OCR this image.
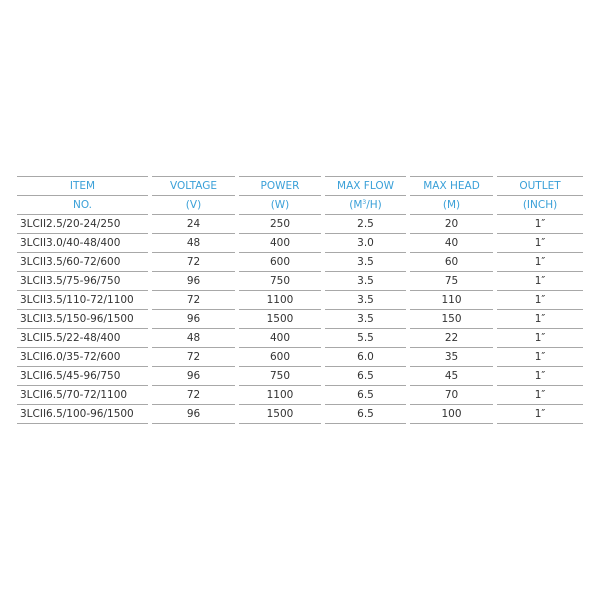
ITEM	VOLTAGE	POWER	MAX FLOW	MAX HEAD	OUTLET
NO.	(V)	(W)	$(M^3/H)$	(M)	(INCH)
3LCII2.5/20-24/250	24	250	2.5	20	1″
3LCII3.0/40-48/400	48	400	3.0	40	1″
3LCII3.5/60-72/600	72	600	3.5	60	1″
3LCII3.5/75-96/750	96	750	3.5	75	1″
3LCII3.5/110-72/1100	72	1100	3.5	110	1″
3LCII3.5/150-96/1500	96	1500	3.5	150	1″
3LCII5.5/22-48/400	48	400	5.5	22	1″
3LCII6.0/35-72/600	72	600	6.0	35	1″
3LCII6.5/45-96/750	96	750	6.5	45	1″
3LCII6.5/70-72/1100	72	1100	6.5	70	1″
3LCII6.5/100-96/1500	96	1500	6.5	100	1″
